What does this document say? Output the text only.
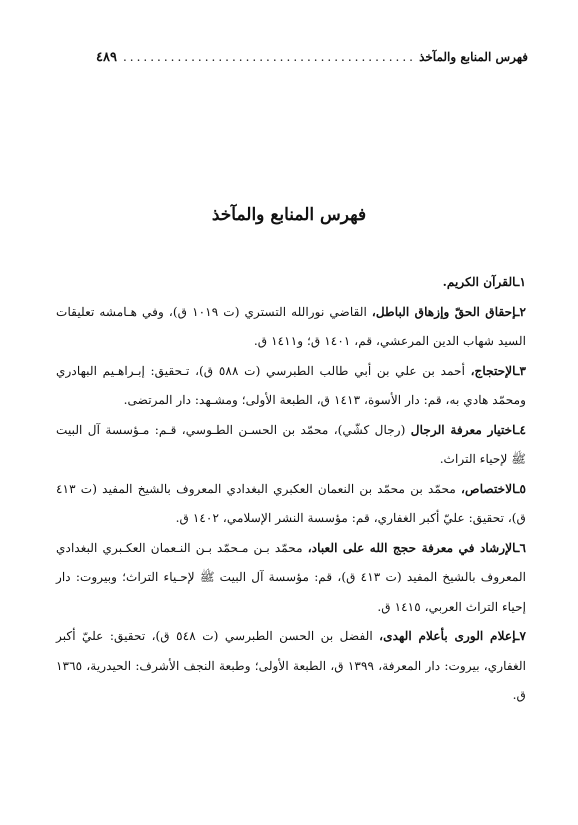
فهرس المنابع والمآخذ
.....
٤٨٩
فهرس المنابع والمآخذ
١ـالقرآن الكريم.
٢ـإحقاق الحقّ وإزهاق الباطل، القاضي نورالله التستري (ت ١٠١٩ ق)، وفي هـامشه تعليقات السيد شهاب الدين المرعشي، قم، ١٤٠١ ق؛ و١٤١١ ق.
٣ـالإحتجاج، أحمد بن علي بن أبي طالب الطبرسي (ت ٥٨٨ ق)، تـحقيق: إبـراهـيم البهادري ومحمّد هادي به، قم: دار الأسوة، ١٤١٣ ق، الطبعة الأولى؛ ومشـهد: دار المرتضى.
٤ـاختيار معرفة الرجال (رجال كشّي)، محمّد بن الحسـن الطـوسي، قـم: مـؤسسة آل البيت ﷺ لإحياء التراث.
٥ـالاختصاص، محمّد بن محمّد بن النعمان العكبري البغدادي المعروف بالشيخ المفيد (ت ٤١٣ ق)، تحقيق: عليّ أكبر الغفاري، قم: مؤسسة النشر الإسلامي، ١٤٠٢ ق.
٦ـالإرشاد في معرفة حجج الله على العباد، محمّد بـن مـحمّد بـن النـعمان العكـبري البغدادي المعروف بالشيخ المفيد (ت ٤١٣ ق)، قم: مؤسسة آل البيت ﷺ لإحـياء التراث؛ وبيروت: دار إحياء التراث العربي، ١٤١٥ ق.
٧ـإعلام الورى بأعلام الهدى، الفضل بن الحسن الطبرسي (ت ٥٤٨ ق)، تحقيق: عليّ أكبر الغفاري، بيروت: دار المعرفة، ١٣٩٩ ق، الطبعة الأولى؛ وطبعة النجف الأشرف: الحيدرية، ١٣٦٥ ق.
